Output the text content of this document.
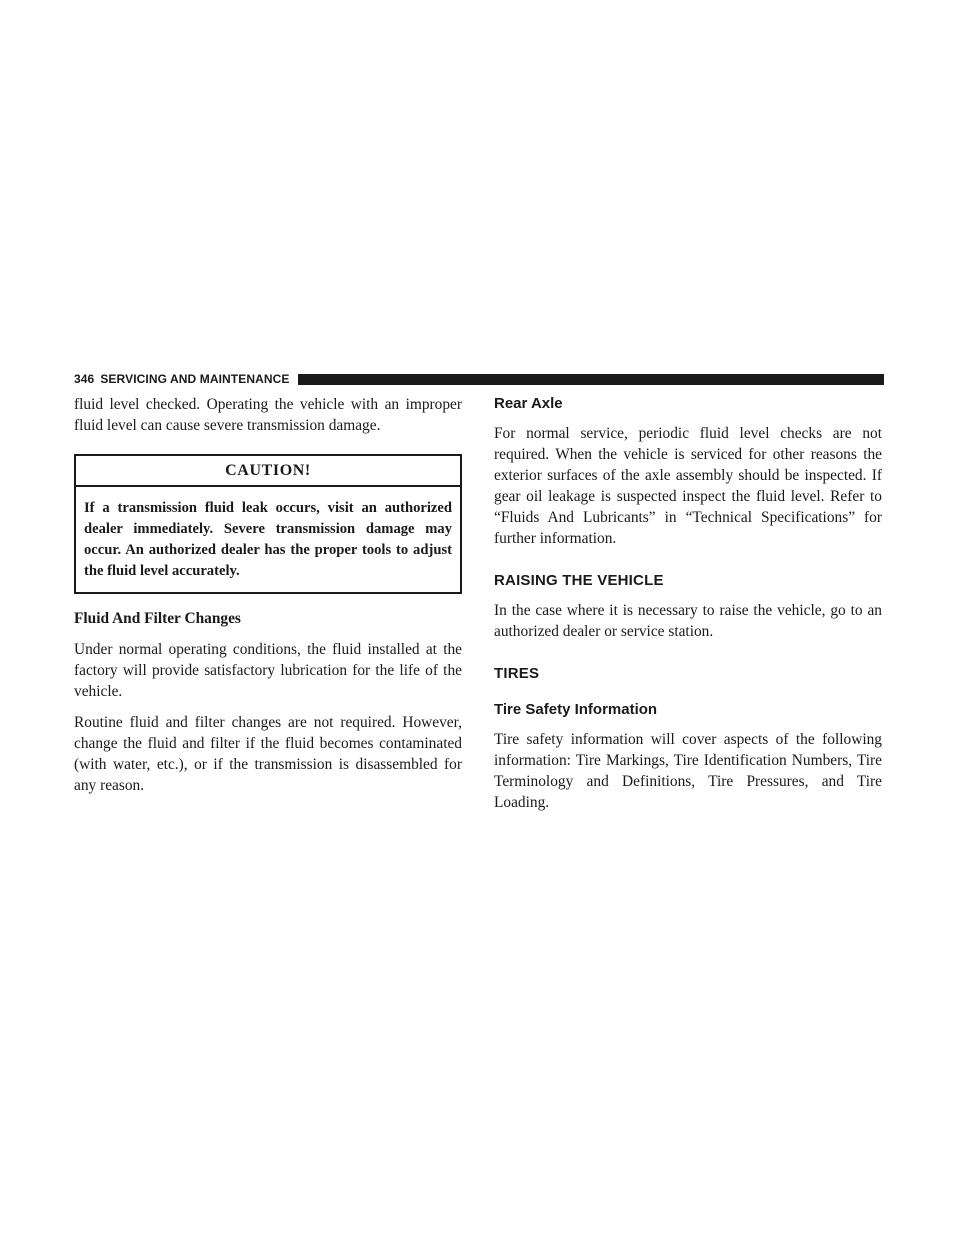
346 SERVICING AND MAINTENANCE

fluid level checked. Operating the vehicle with an improper fluid level can cause severe transmission damage.

CAUTION!
If a transmission fluid leak occurs, visit an authorized dealer immediately. Severe transmission damage may occur. An authorized dealer has the proper tools to adjust the fluid level accurately.
Fluid And Filter Changes

Under normal operating conditions, the fluid installed at the factory will provide satisfactory lubrication for the life of the vehicle.

Routine fluid and filter changes are not required. However, change the fluid and filter if the fluid becomes contaminated (with water, etc.), or if the transmission is disassembled for any reason.

Rear Axle

For normal service, periodic fluid level checks are not required. When the vehicle is serviced for other reasons the exterior surfaces of the axle assembly should be inspected. If gear oil leakage is suspected inspect the fluid level. Refer to “Fluids And Lubricants” in “Technical Specifications” for further information.

RAISING THE VEHICLE

In the case where it is necessary to raise the vehicle, go to an authorized dealer or service station.

TIRES
Tire Safety Information

Tire safety information will cover aspects of the following information: Tire Markings, Tire Identification Numbers, Tire Terminology and Definitions, Tire Pressures, and Tire Loading.
